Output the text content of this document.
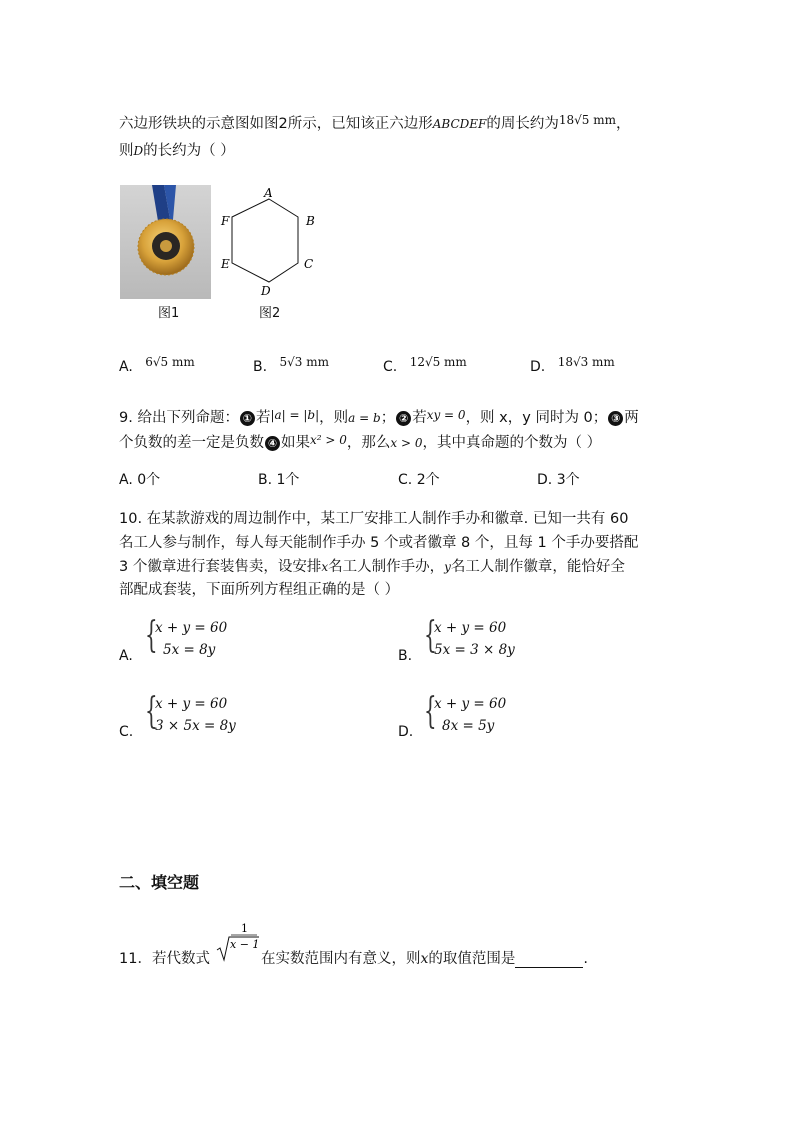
六边形铁块的示意图如图2所示，已知该正六边形ABCDEF的周长约为$^{18√5 mm}$，
则D的长约为（ ）
图1
A
B
C
D
E
F
图2
A. 6√5 mm	B. 5√3 mm	C. 12√5 mm	D. 18√3 mm
9. 给出下列命题： ① 若$^{|a| = |b|}$，则a = b； ② 若$^{xy = 0}$，则 x，y 同时为 0； ③ 两
个负数的差一定是负数 ④ 如果$^{x^2 > 0}$，那么x > 0，其中真命题的个数为（ ）
A. 0个	B. 1个	C. 2个	D. 3个
10. 在某款游戏的周边制作中，某工厂安排工人制作手办和徽章. 已知一共有 60
名工人参与制作，每人每天能制作手办 5 个或者徽章 8 个，且每 1 个手办要搭配
3 个徽章进行套装售卖，设安排x名工人制作手办，y名工人制作徽章，能恰好全
部配成套装，下面所列方程组正确的是（ ）
A. {
x + y = 60
5x = 8y	B. {
x + y = 60
5x = 3 × 8y
C. {
x + y = 60
3 × 5x = 8y	D. {
x + y = 60
8x = 5y
二、填空题
11．若代数式
1
x − 1
在实数范围内有意义，则x的取值范围是	.
